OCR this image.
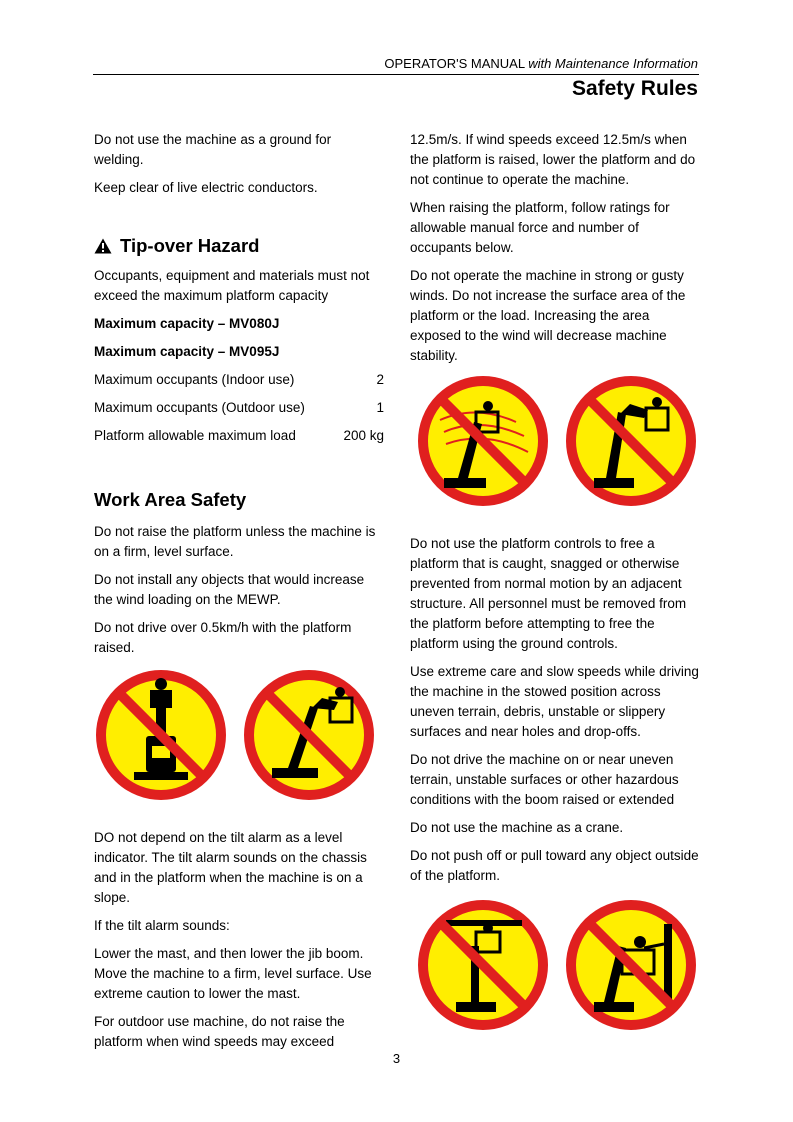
OPERATOR'S MANUAL with Maintenance Information
Safety Rules

Do not use the machine as a ground for welding.

Keep clear of live electric conductors.

Tip-over Hazard

Occupants, equipment and materials must not exceed the maximum platform capacity

Maximum capacity – MV080J

Maximum capacity – MV095J

Maximum occupants (Indoor use)	2
Maximum occupants (Outdoor use)	1
Platform allowable maximum load	200 kg
Work Area Safety

Do not raise the platform unless the machine is on a firm, level surface.

Do not install any objects that would increase the wind loading on the MEWP.

Do not drive over 0.5km/h with the platform raised.

DO not depend on the tilt alarm as a level indicator. The tilt alarm sounds on the chassis and in the platform when the machine is on a slope.

If the tilt alarm sounds:

Lower the mast, and then lower the jib boom. Move the machine to a firm, level surface. Use extreme caution to lower the mast.

For outdoor use machine, do not raise the platform when wind speeds may exceed

12.5m/s. If wind speeds exceed 12.5m/s when the platform is raised, lower the platform and do not continue to operate the machine.

When raising the platform, follow ratings for allowable manual force and number of occupants below.

Do not operate the machine in strong or gusty winds. Do not increase the surface area of the platform or the load. Increasing the area exposed to the wind will decrease machine stability.

Do not use the platform controls to free a platform that is caught, snagged or otherwise prevented from normal motion by an adjacent structure. All personnel must be removed from the platform before attempting to free the platform using the ground controls.

Use extreme care and slow speeds while driving the machine in the stowed position across uneven terrain, debris, unstable or slippery surfaces and near holes and drop-offs.

Do not drive the machine on or near uneven terrain, unstable surfaces or other hazardous conditions with the boom raised or extended

Do not use the machine as a crane.

Do not push off or pull toward any object outside of the platform.

3
